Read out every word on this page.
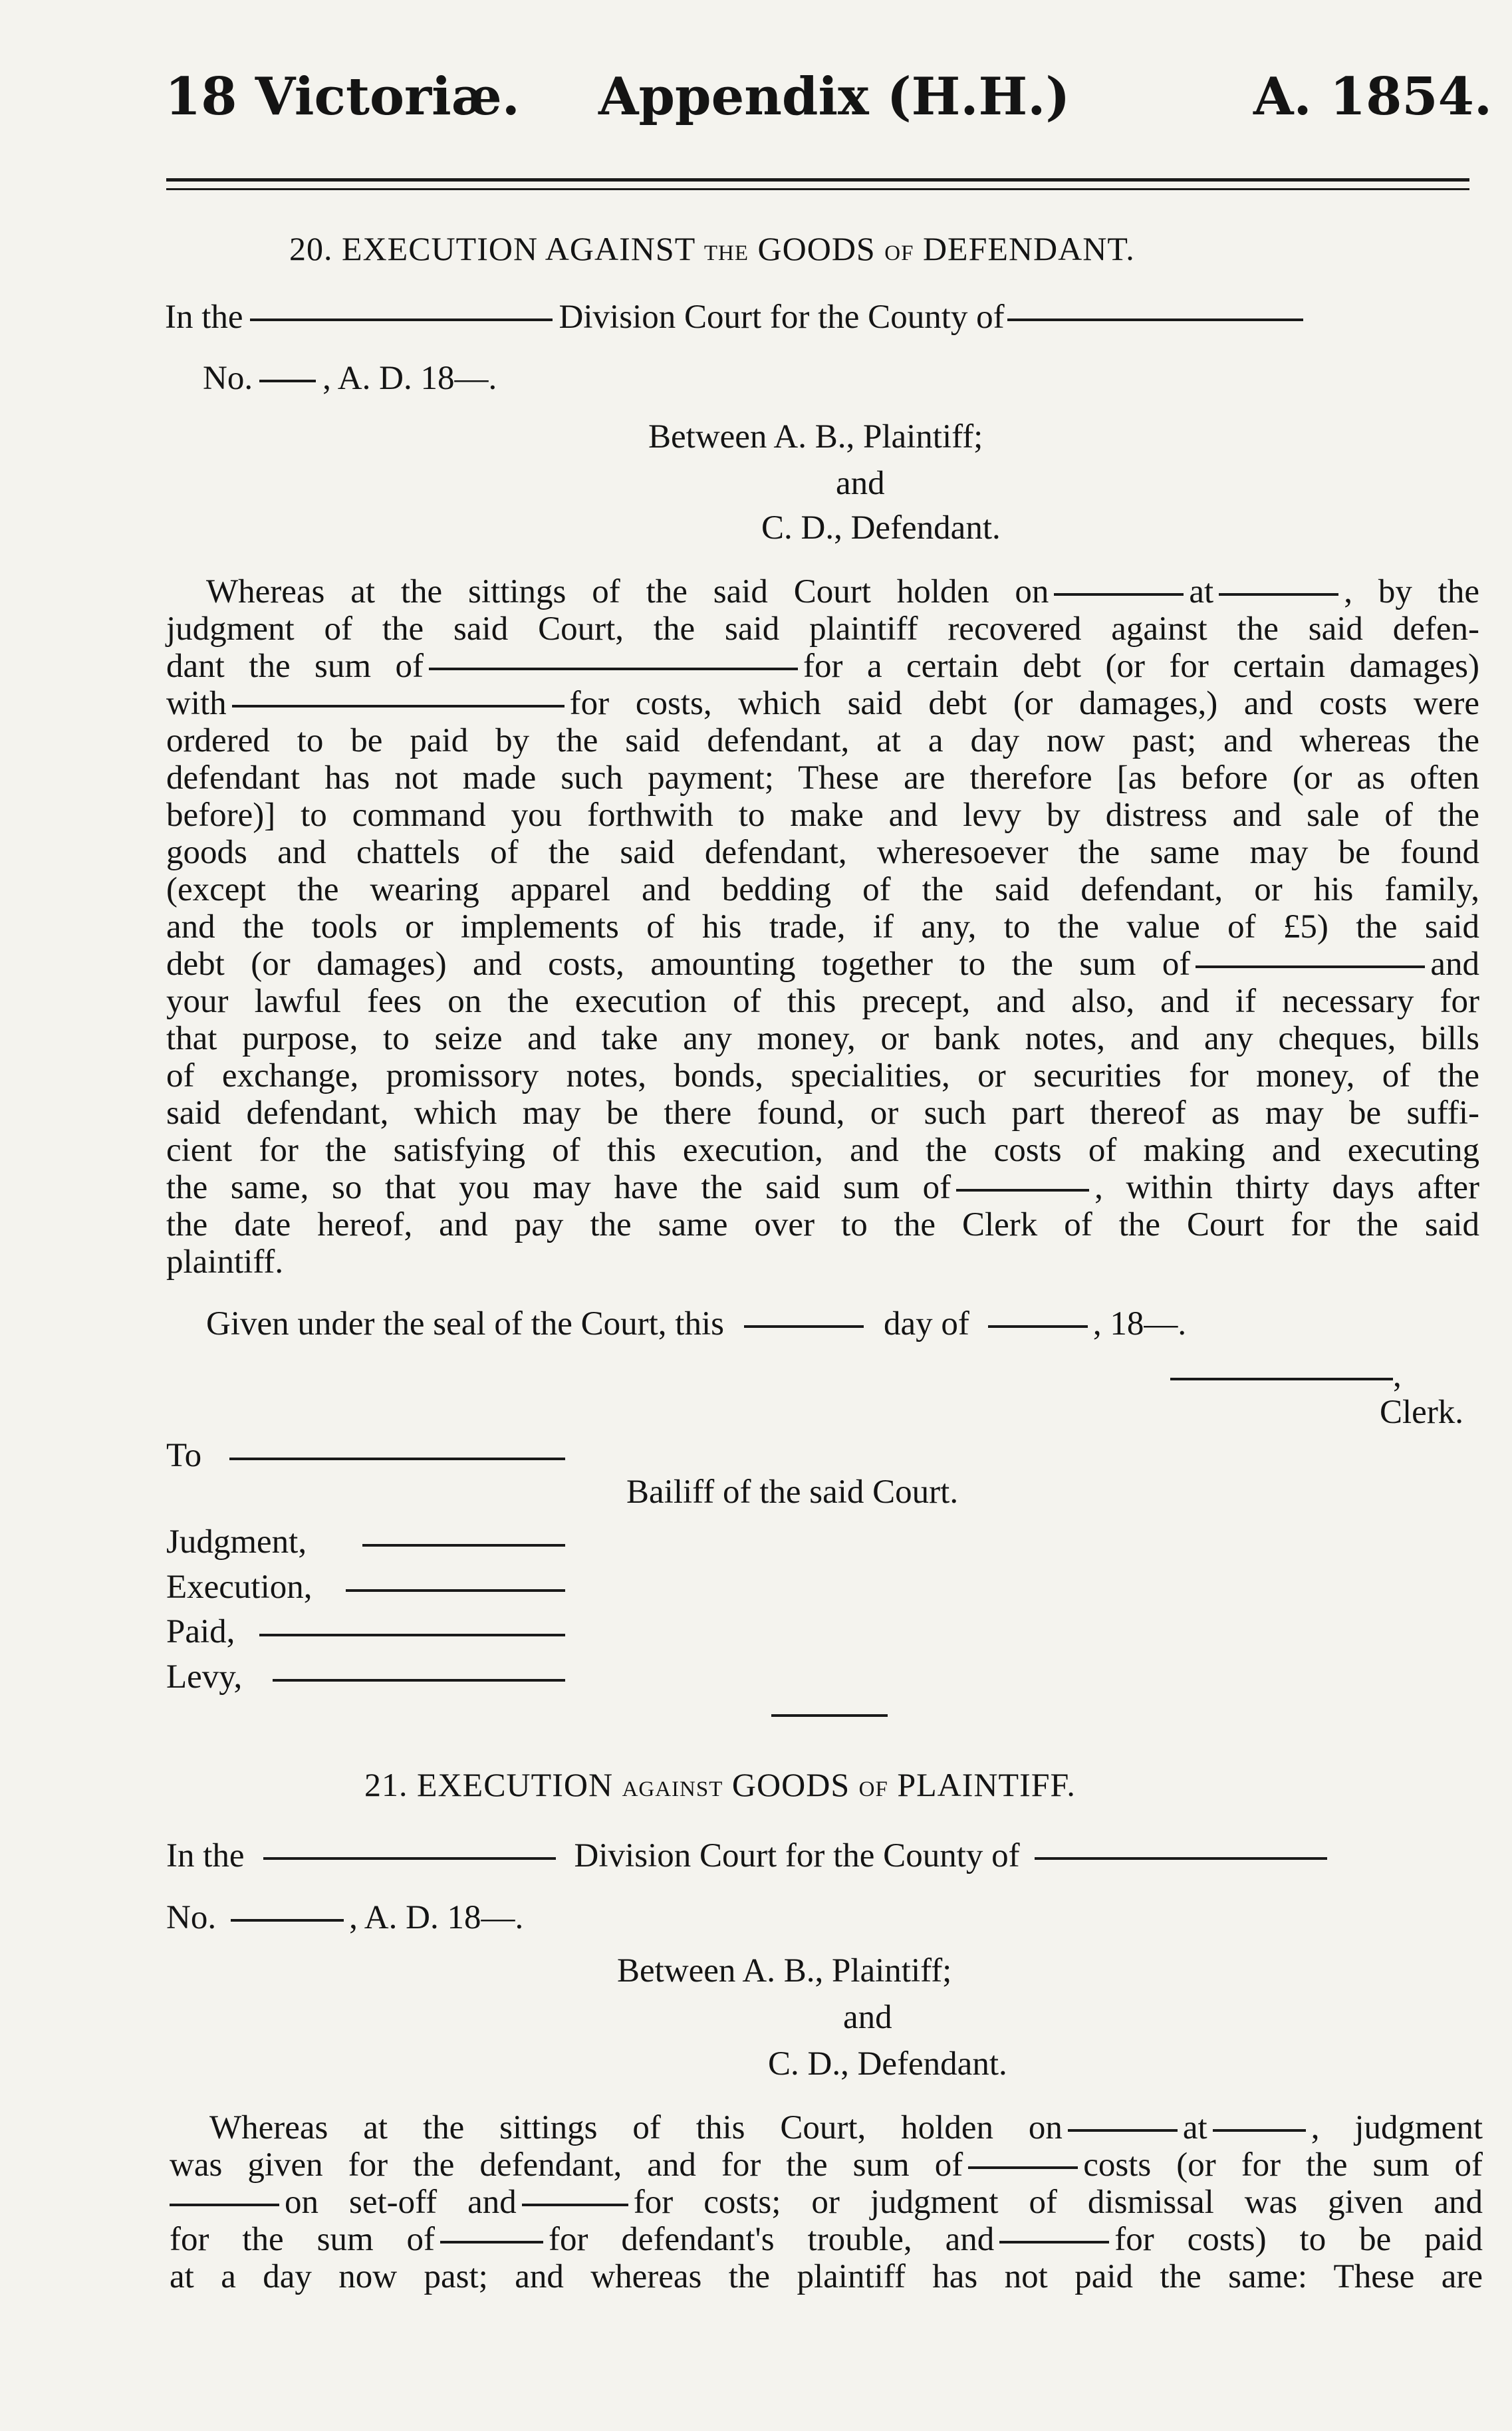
18 Victoriæ. Appendix (H.H.)	A. 1854.
20. EXECUTION AGAINST THE GOODS OF DEFENDANT.
In the	Division Court for the County of
No. , A. D. 18—.
Between A. B., Plaintiff;
and
C. D., Defendant.
Whereas at the sittings of the said Court holden on	at	, by the
judgment of the said Court, the said plaintiff recovered against the said defen-
dant the sum of	for a certain debt (or for certain damages)
with	for costs, which said debt (or damages,) and costs were
ordered to be paid by the said defendant, at a day now past; and whereas the
defendant has not made such payment; These are therefore [as before (or as often
before)] to command you forthwith to make and levy by distress and sale of the
goods and chattels of the said defendant, wheresoever the same may be found
(except the wearing apparel and bedding of the said defendant, or his family,
and the tools or implements of his trade, if any, to the value of £5) the said
debt (or damages) and costs, amounting together to the sum of	and
your lawful fees on the execution of this precept, and also, and if necessary for
that purpose, to seize and take any money, or bank notes, and any cheques, bills
of exchange, promissory notes, bonds, specialities, or securities for money, of the
said defendant, which may be there found, or such part thereof as may be suffi-
cient for the satisfying of this execution, and the costs of making and executing
the same, so that you may have the said sum of	, within thirty days after
the date hereof, and pay the same over to the Clerk of the Court for the said
plaintiff.
Given under the seal of the Court, this	day of	, 18—.
,
Clerk.
To
Bailiff of the said Court.
Judgment,
Execution,
Paid,
Levy,
21. EXECUTION AGAINST GOODS OF PLAINTIFF.
In the	Division Court for the County of
No.	, A. D. 18—.
Between A. B., Plaintiff;
and
C. D., Defendant.
Whereas at the sittings of this Court, holden on	at	, judgment
was given for the defendant, and for the sum of	costs (or for the sum of
on set-off and	for costs; or judgment of dismissal was given and
for the sum of	for defendant's trouble, and	for costs) to be paid
at a day now past; and whereas the plaintiff has not paid the same: These are
